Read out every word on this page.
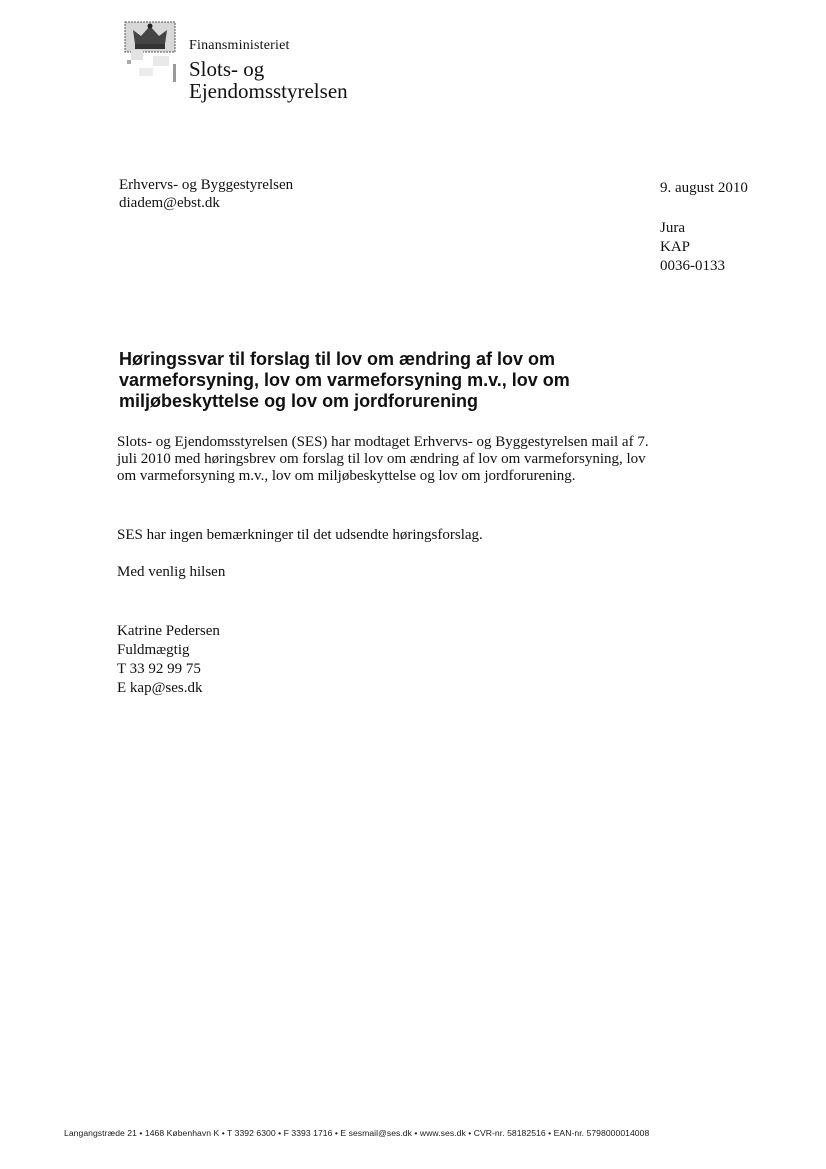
Finansministeriet
Slots- og
Ejendomsstyrelsen
Erhvervs- og Byggestyrelsen
diadem@ebst.dk
9. august 2010
Jura
KAP
0036-0133
Høringssvar til forslag til lov om ændring af lov om varmeforsyning, lov om varmeforsyning m.v., lov om miljøbeskyttelse og lov om jordforurening
Slots- og Ejendomsstyrelsen (SES) har modtaget Erhvervs- og Byggestyrelsen mail af 7. juli 2010 med høringsbrev om forslag til lov om ændring af lov om varmeforsyning, lov om varmeforsyning m.v., lov om miljøbeskyttelse og lov om jordforurening.
SES har ingen bemærkninger til det udsendte høringsforslag.
Med venlig hilsen
Katrine Pedersen
Fuldmægtig
T 33 92 99 75
E kap@ses.dk
Langangstræde 21 • 1468 København K • T 3392 6300 • F 3393 1716 • E sesmail@ses.dk • www.ses.dk • CVR-nr. 58182516 • EAN-nr. 5798000014008
